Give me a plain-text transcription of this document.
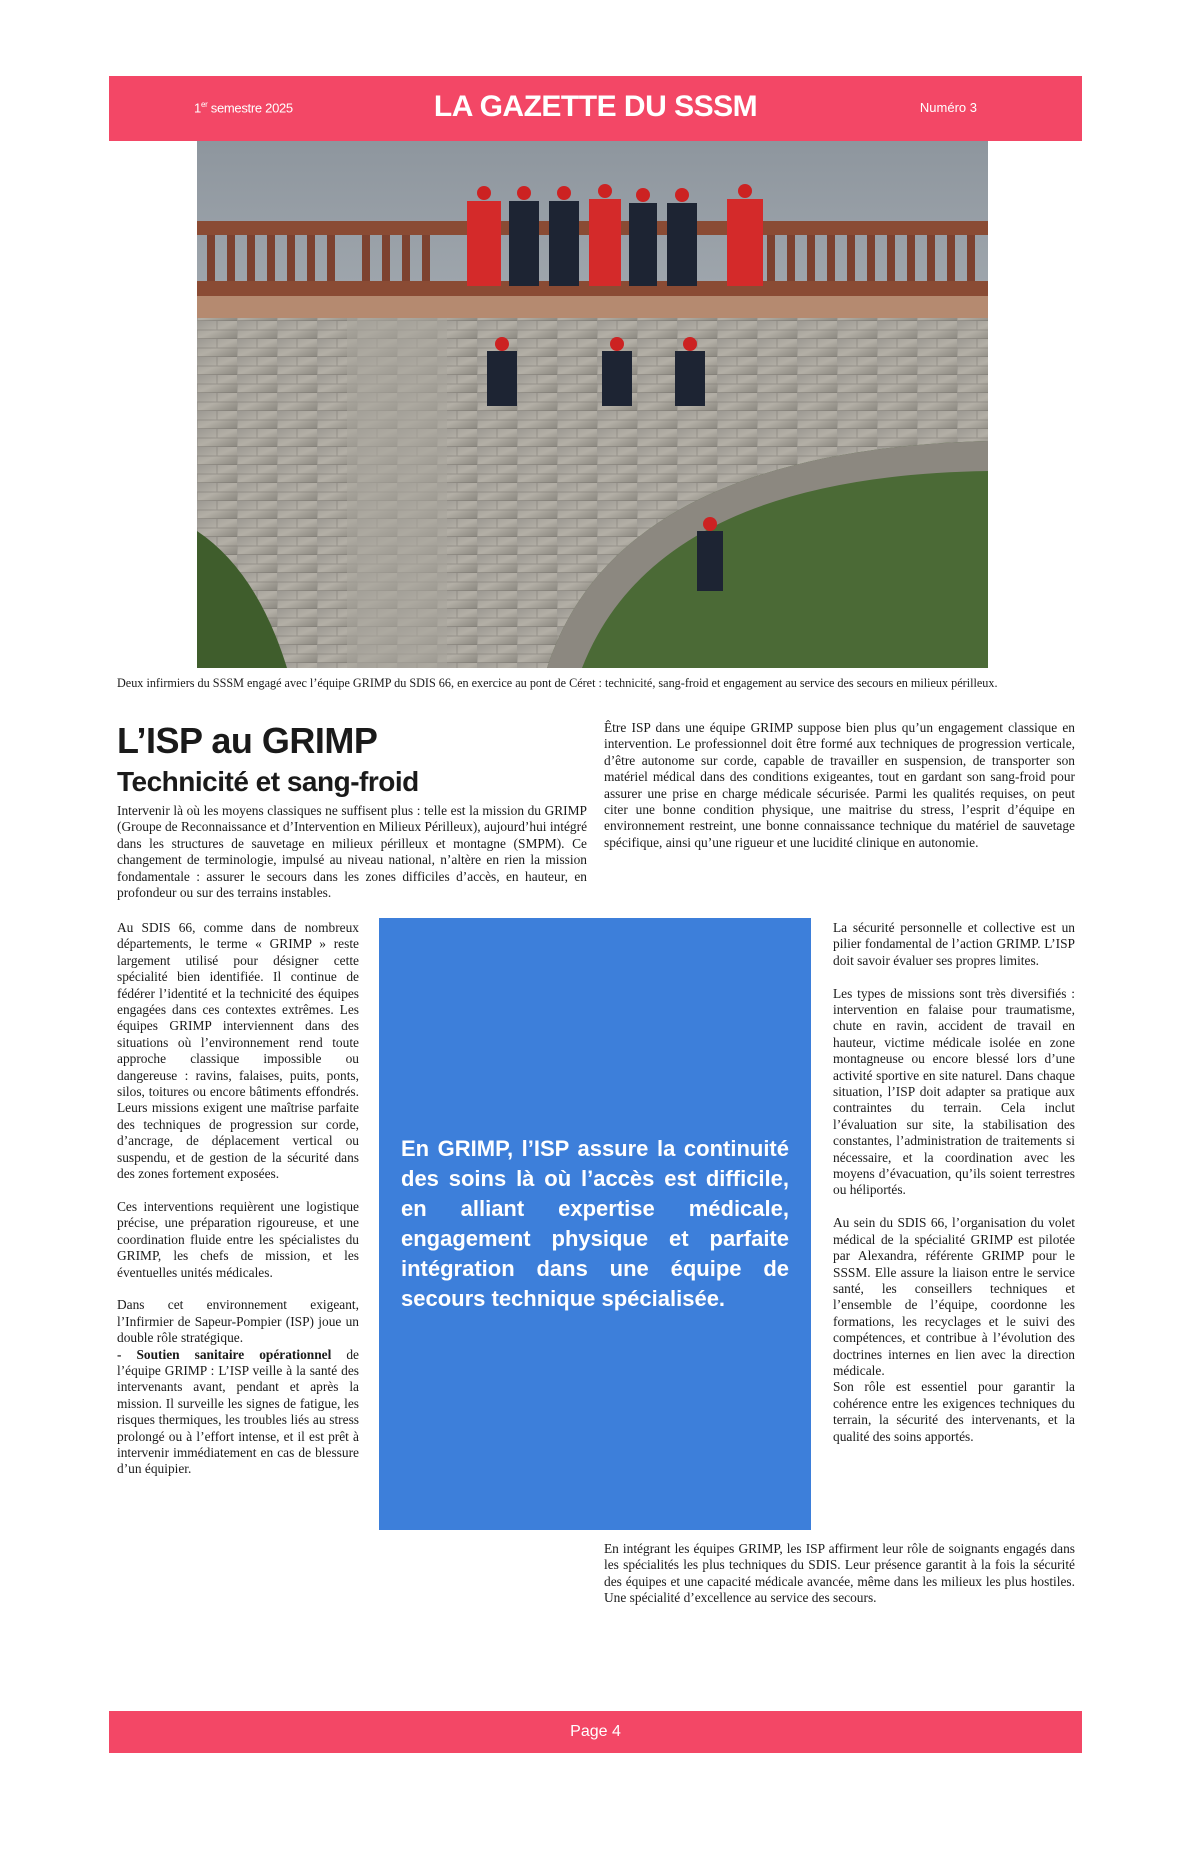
1er semestre 2025	LA GAZETTE DU SSSM	Numéro 3
Deux infirmiers du SSSM engagé avec l’équipe GRIMP du SDIS 66, en exercice au pont de Céret : technicité, sang-froid et engagement au service des secours en milieux périlleux.
L’ISP au GRIMP
Technicité et sang-froid
Intervenir là où les moyens classiques ne suffisent plus : telle est la mission du GRIMP (Groupe de Reconnaissance et d’Intervention en Milieux Périlleux), aujourd’hui intégré dans les structures de sauvetage en milieux périlleux et montagne (SMPM). Ce changement de terminologie, impulsé au niveau national, n’altère en rien la mission fondamentale : assurer le secours dans les zones difficiles d’accès, en hauteur, en profondeur ou sur des terrains instables.
Être ISP dans une équipe GRIMP suppose bien plus qu’un engagement classique en intervention. Le professionnel doit être formé aux techniques de progression verticale, d’être autonome sur corde, capable de travailler en suspension, de transporter son matériel médical dans des conditions exigeantes, tout en gardant son sang-froid pour assurer une prise en charge médicale sécurisée. Parmi les qualités requises, on peut citer une bonne condition physique, une maitrise du stress, l’esprit d’équipe en environnement restreint, une bonne connaissance technique du matériel de sauvetage spécifique, ainsi qu’une rigueur et une lucidité clinique en autonomie.

Au SDIS 66, comme dans de nombreux départements, le terme « GRIMP » reste largement utilisé pour désigner cette spécialité bien identifiée. Il continue de fédérer l’identité et la technicité des équipes engagées dans ces contextes extrêmes. Les équipes GRIMP interviennent dans des situations où l’environnement rend toute approche classique impossible ou dangereuse : ravins, falaises, puits, ponts, silos, toitures ou encore bâtiments effondrés. Leurs missions exigent une maîtrise parfaite des techniques de progression sur corde, d’ancrage, de déplacement vertical ou suspendu, et de gestion de la sécurité dans des zones fortement exposées.

Ces interventions requièrent une logistique précise, une préparation rigoureuse, et une coordination fluide entre les spécialistes du GRIMP, les chefs de mission, et les éventuelles unités médicales.

Dans cet environnement exigeant, l’Infirmier de Sapeur-Pompier (ISP) joue un double rôle stratégique.
- Soutien sanitaire opérationnel de l’équipe GRIMP : L’ISP veille à la santé des intervenants avant, pendant et après la mission. Il surveille les signes de fatigue, les risques thermiques, les troubles liés au stress prolongé ou à l’effort intense, et il est prêt à intervenir immédiatement en cas de blessure d’un équipier.

En GRIMP, l’ISP assure la continuité des soins là où l’accès est difficile, en alliant expertise médicale, engagement physique et parfaite intégration dans une équipe de secours technique spécialisée.

La sécurité personnelle et collective est un pilier fondamental de l’action GRIMP. L’ISP doit savoir évaluer ses propres limites.

Les types de missions sont très diversifiés : intervention en falaise pour traumatisme, chute en ravin, accident de travail en hauteur, victime médicale isolée en zone montagneuse ou encore blessé lors d’une activité sportive en site naturel. Dans chaque situation, l’ISP doit adapter sa pratique aux contraintes du terrain. Cela inclut l’évaluation sur site, la stabilisation des constantes, l’administration de traitements si nécessaire, et la coordination avec les moyens d’évacuation, qu’ils soient terrestres ou héliportés.

Au sein du SDIS 66, l’organisation du volet médical de la spécialité GRIMP est pilotée par Alexandra, référente GRIMP pour le SSSM. Elle assure la liaison entre le service santé, les conseillers techniques et l’ensemble de l’équipe, coordonne les formations, les recyclages et le suivi des compétences, et contribue à l’évolution des doctrines internes en lien avec la direction médicale.

Son rôle est essentiel pour garantir la cohérence entre les exigences techniques du terrain, la sécurité des intervenants, et la qualité des soins apportés.

En intégrant les équipes GRIMP, les ISP affirment leur rôle de soignants engagés dans les spécialités les plus techniques du SDIS. Leur présence garantit à la fois la sécurité des équipes et une capacité médicale avancée, même dans les milieux les plus hostiles. Une spécialité d’excellence au service des secours.
Page 4
